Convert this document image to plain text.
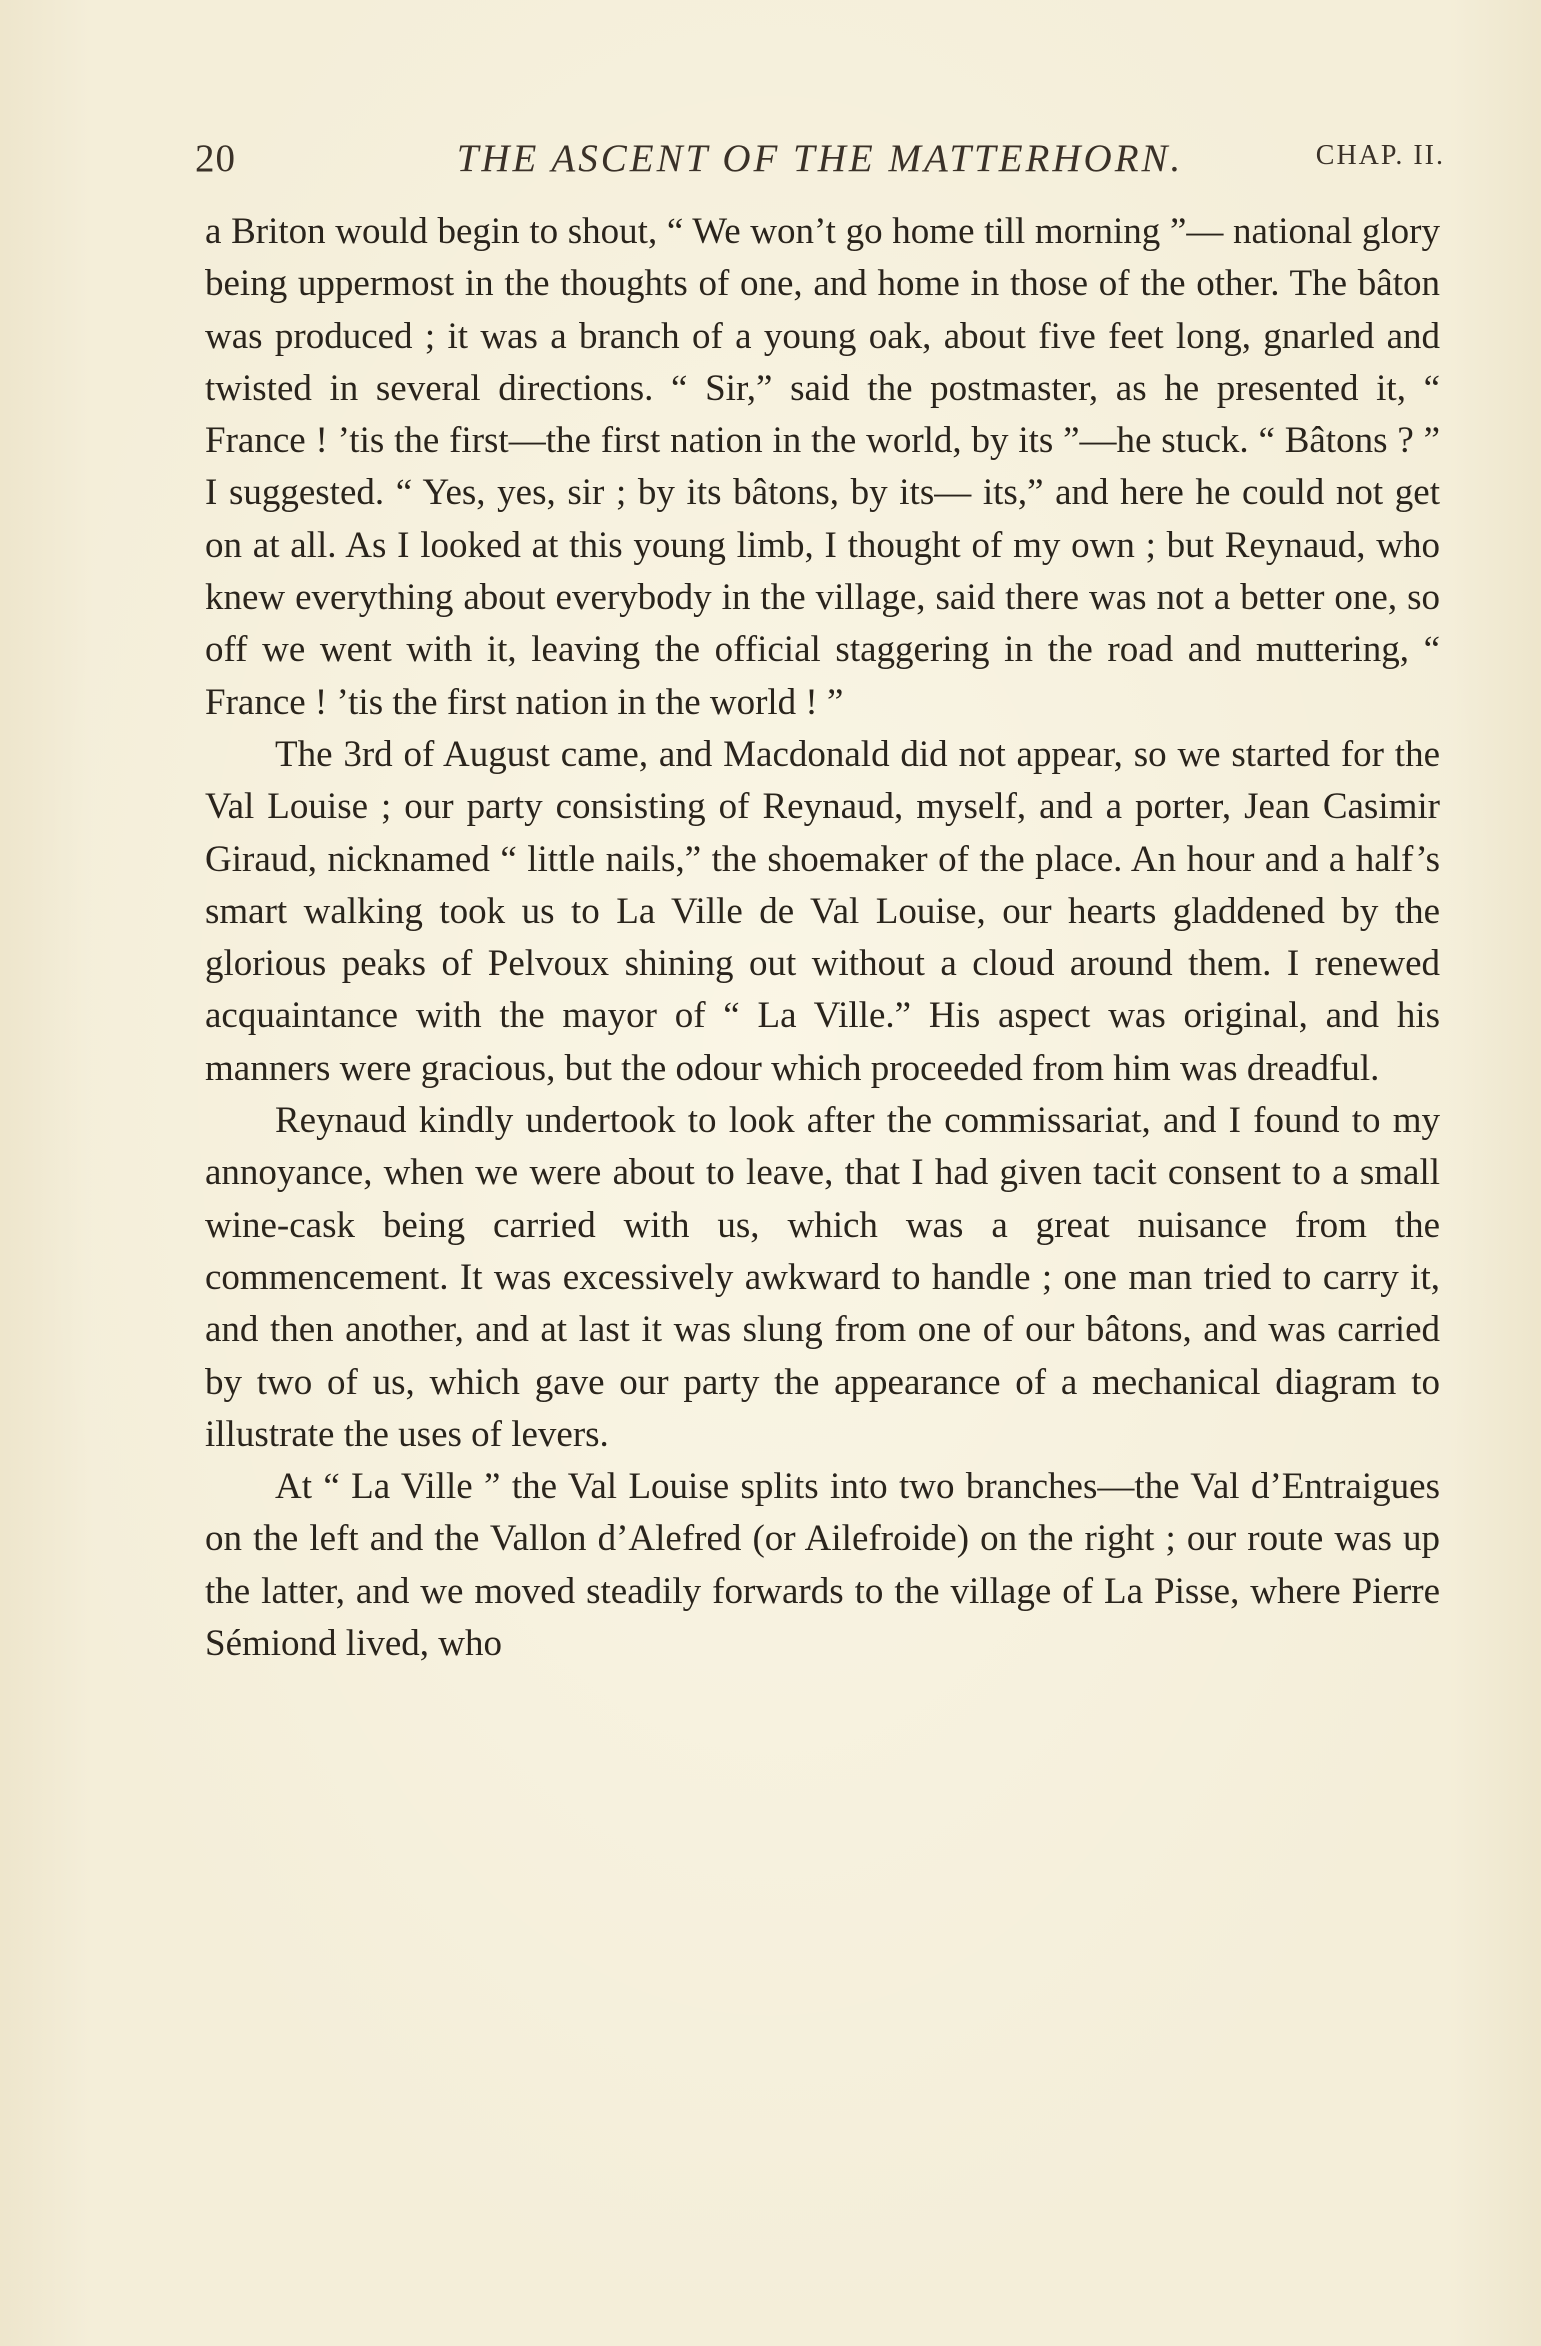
20	THE ASCENT OF THE MATTERHORN.	CHAP. II.

a Briton would begin to shout, “ We won’t go home till morning ”— national glory being uppermost in the thoughts of one, and home in those of the other. The bâton was produced ; it was a branch of a young oak, about five feet long, gnarled and twisted in several directions. “ Sir,” said the postmaster, as he presented it, “ France ! ’tis the first—the first nation in the world, by its ”—he stuck. “ Bâtons ? ” I suggested. “ Yes, yes, sir ; by its bâtons, by its— its,” and here he could not get on at all. As I looked at this young limb, I thought of my own ; but Reynaud, who knew everything about everybody in the village, said there was not a better one, so off we went with it, leaving the official staggering in the road and muttering, “ France ! ’tis the first nation in the world ! ”

The 3rd of August came, and Macdonald did not appear, so we started for the Val Louise ; our party consisting of Reynaud, myself, and a porter, Jean Casimir Giraud, nicknamed “ little nails,” the shoemaker of the place. An hour and a half’s smart walking took us to La Ville de Val Louise, our hearts gladdened by the glorious peaks of Pelvoux shining out without a cloud around them. I renewed acquaintance with the mayor of “ La Ville.” His aspect was original, and his manners were gracious, but the odour which proceeded from him was dreadful.

Reynaud kindly undertook to look after the commissariat, and I found to my annoyance, when we were about to leave, that I had given tacit consent to a small wine-cask being carried with us, which was a great nuisance from the commencement. It was excessively awkward to handle ; one man tried to carry it, and then another, and at last it was slung from one of our bâtons, and was carried by two of us, which gave our party the appearance of a mechanical diagram to illustrate the uses of levers.

At “ La Ville ” the Val Louise splits into two branches—the Val d’Entraigues on the left and the Vallon d’Alefred (or Ailefroide) on the right ; our route was up the latter, and we moved steadily forwards to the village of La Pisse, where Pierre Sémiond lived, who
